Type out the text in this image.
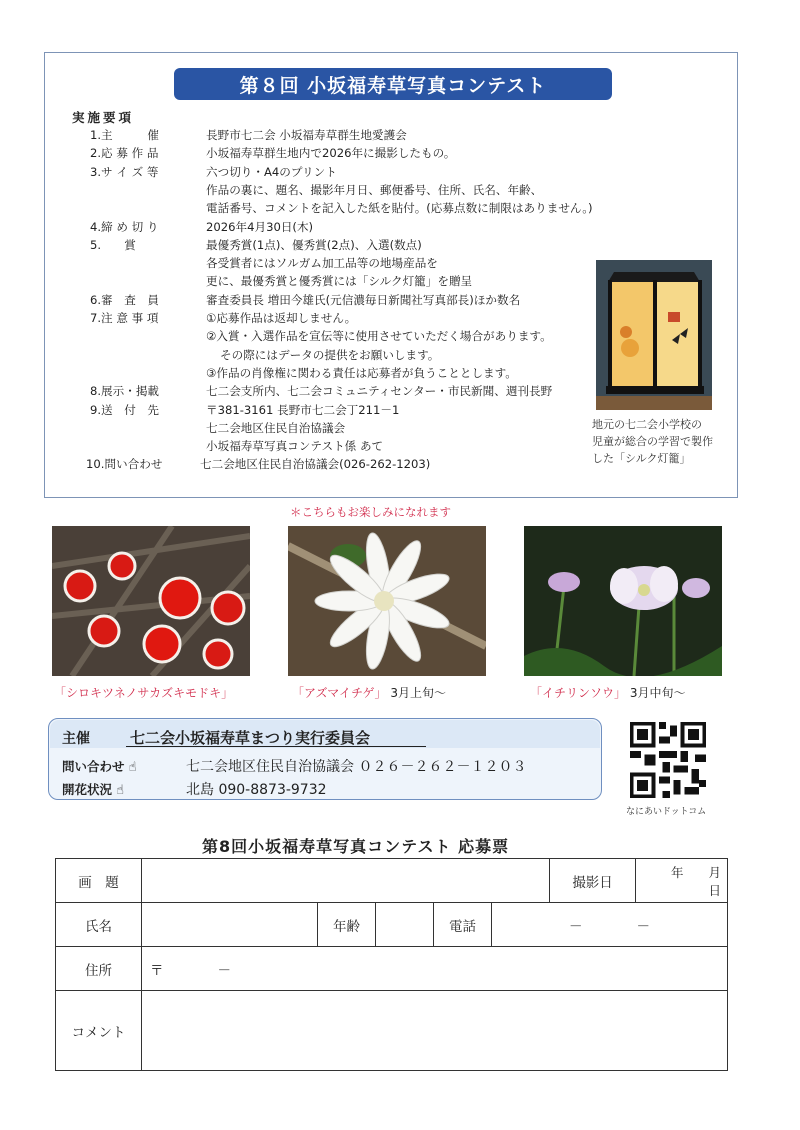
第８回 小坂福寿草写真コンテスト
実施要項
1.主　　　催	長野市七二会 小坂福寿草群生地愛護会
2.応 募 作 品	小坂福寿草群生地内で2026年に撮影したもの。
3.サ イ ズ 等	六つ切り・A4のプリント
作品の裏に、題名、撮影年月日、郵便番号、住所、氏名、年齢、
電話番号、コメントを記入した紙を貼付。(応募点数に制限はありません。)
4.締 め 切 り	2026年4月30日(木)
5.　　賞	最優秀賞(1点)、優秀賞(2点)、入選(数点)
各受賞者にはソルガム加工品等の地場産品を
更に、最優秀賞と優秀賞には「シルク灯籠」を贈呈
6.審　査　員	審査委員長 増田今雄氏(元信濃毎日新聞社写真部長)ほか数名
7.注 意 事 項	①応募作品は返却しません。
②入賞・入選作品を宣伝等に使用させていただく場合があります。
その際にはデータの提供をお願いします。
③作品の肖像権に関わる責任は応募者が負うこととします。
8.展示・掲載	七二会支所内、七二会コミュニティセンター・市民新聞、週刊長野
9.送　付　先	〒381-3161 長野市七二会丁211－1
七二会地区住民自治協議会
小坂福寿草写真コンテスト係 あて
10.問い合わせ	七二会地区住民自治協議会(026-262-1203)
地元の七二会小学校の
児童が総合の学習で製作
した「シルク灯籠」
＊こちらもお楽しみになれます
「シロキツネノサカズキモドキ」	「アズマイチゲ」 3月上旬～	「イチリンソウ」 3月中旬～
主催	七二会小坂福寿草まつり実行委員会
問い合わせ ☝	七二会地区住民自治協議会 ０２６－２６２－１２０３
開花状況 ☝	北島 090-8873-9732
なにあいドットコム
第8回小坂福寿草写真コンテスト 応募票
画　題						撮影日	年　　月　　日
氏名		年齢		電話	－　　　　－		
住所	〒　　　　－						
コメント							
